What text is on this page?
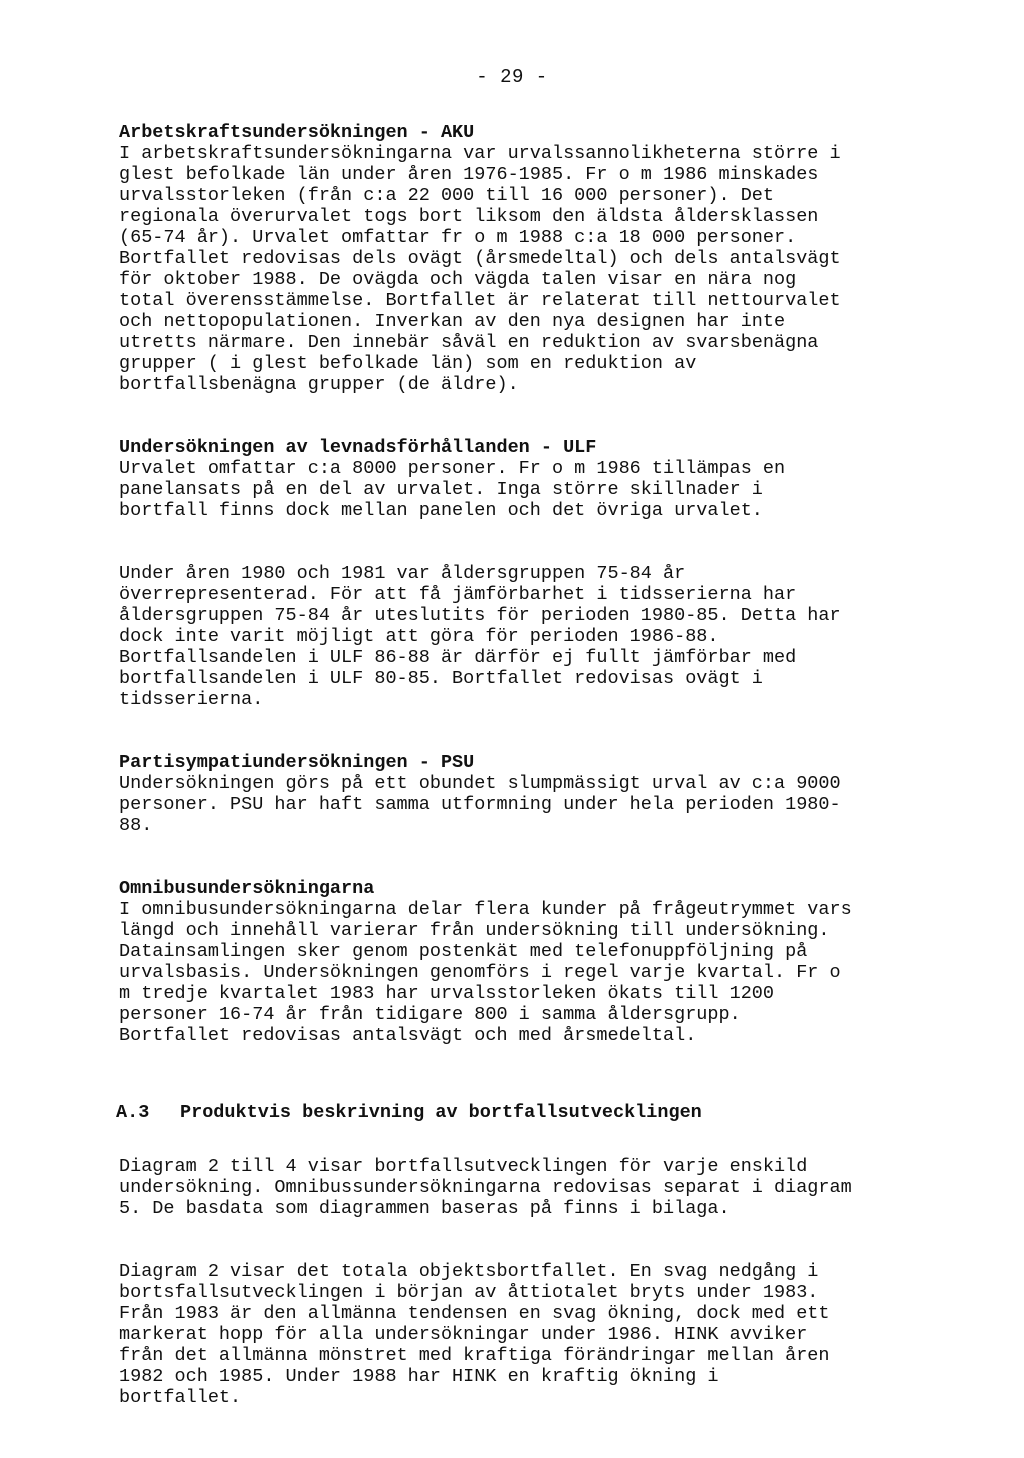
- 29 -
Arbetskraftsundersökningen - AKU
I arbetskraftsundersökningarna var urvalssannolikheterna större i
glest befolkade län under åren 1976-1985. Fr o m 1986 minskades
urvalsstorleken (från c:a 22 000 till 16 000 personer). Det
regionala överurvalet togs bort liksom den äldsta åldersklassen
(65-74 år). Urvalet omfattar fr o m 1988 c:a 18 000 personer.
Bortfallet redovisas dels ovägt (årsmedeltal) och dels antalsvägt
för oktober 1988. De ovägda och vägda talen visar en nära nog
total överensstämmelse. Bortfallet är relaterat till nettourvalet
och nettopopulationen. Inverkan av den nya designen har inte
utretts närmare. Den innebär såväl en reduktion av svarsbenägna
grupper ( i glest befolkade län) som en reduktion av
bortfallsbenägna grupper (de äldre).
Undersökningen av levnadsförhållanden - ULF
Urvalet omfattar c:a 8000 personer. Fr o m 1986 tillämpas en
panelansats på en del av urvalet. Inga större skillnader i
bortfall finns dock mellan panelen och det övriga urvalet.
Under åren 1980 och 1981 var åldersgruppen 75-84 år
överrepresenterad. För att få jämförbarhet i tidsserierna har
åldersgruppen 75-84 år uteslutits för perioden 1980-85. Detta har
dock inte varit möjligt att göra för perioden 1986-88.
Bortfallsandelen i ULF 86-88 är därför ej fullt jämförbar med
bortfallsandelen i ULF 80-85. Bortfallet redovisas ovägt i
tidsserierna.
Partisympatiundersökningen - PSU
Undersökningen görs på ett obundet slumpmässigt urval av c:a 9000
personer. PSU har haft samma utformning under hela perioden 1980-
88.
Omnibusundersökningarna
I omnibusundersökningarna delar flera kunder på frågeutrymmet vars
längd och innehåll varierar från undersökning till undersökning.
Datainsamlingen sker genom postenkät med telefonuppföljning på
urvalsbasis. Undersökningen genomförs i regel varje kvartal. Fr o
m tredje kvartalet 1983 har urvalsstorleken ökats till 1200
personer 16-74 år från tidigare 800 i samma åldersgrupp.
Bortfallet redovisas antalsvägt och med årsmedeltal.
A.3	Produktvis beskrivning av bortfallsutvecklingen
Diagram 2 till 4 visar bortfallsutvecklingen för varje enskild
undersökning. Omnibussundersökningarna redovisas separat i diagram
5. De basdata som diagrammen baseras på finns i bilaga.
Diagram 2 visar det totala objektsbortfallet. En svag nedgång i
bortsfallsutvecklingen i början av åttiotalet bryts under 1983.
Från 1983 är den allmänna tendensen en svag ökning, dock med ett
markerat hopp för alla undersökningar under 1986. HINK avviker
från det allmänna mönstret med kraftiga förändringar mellan åren
1982 och 1985. Under 1988 har HINK en kraftig ökning i
bortfallet.
